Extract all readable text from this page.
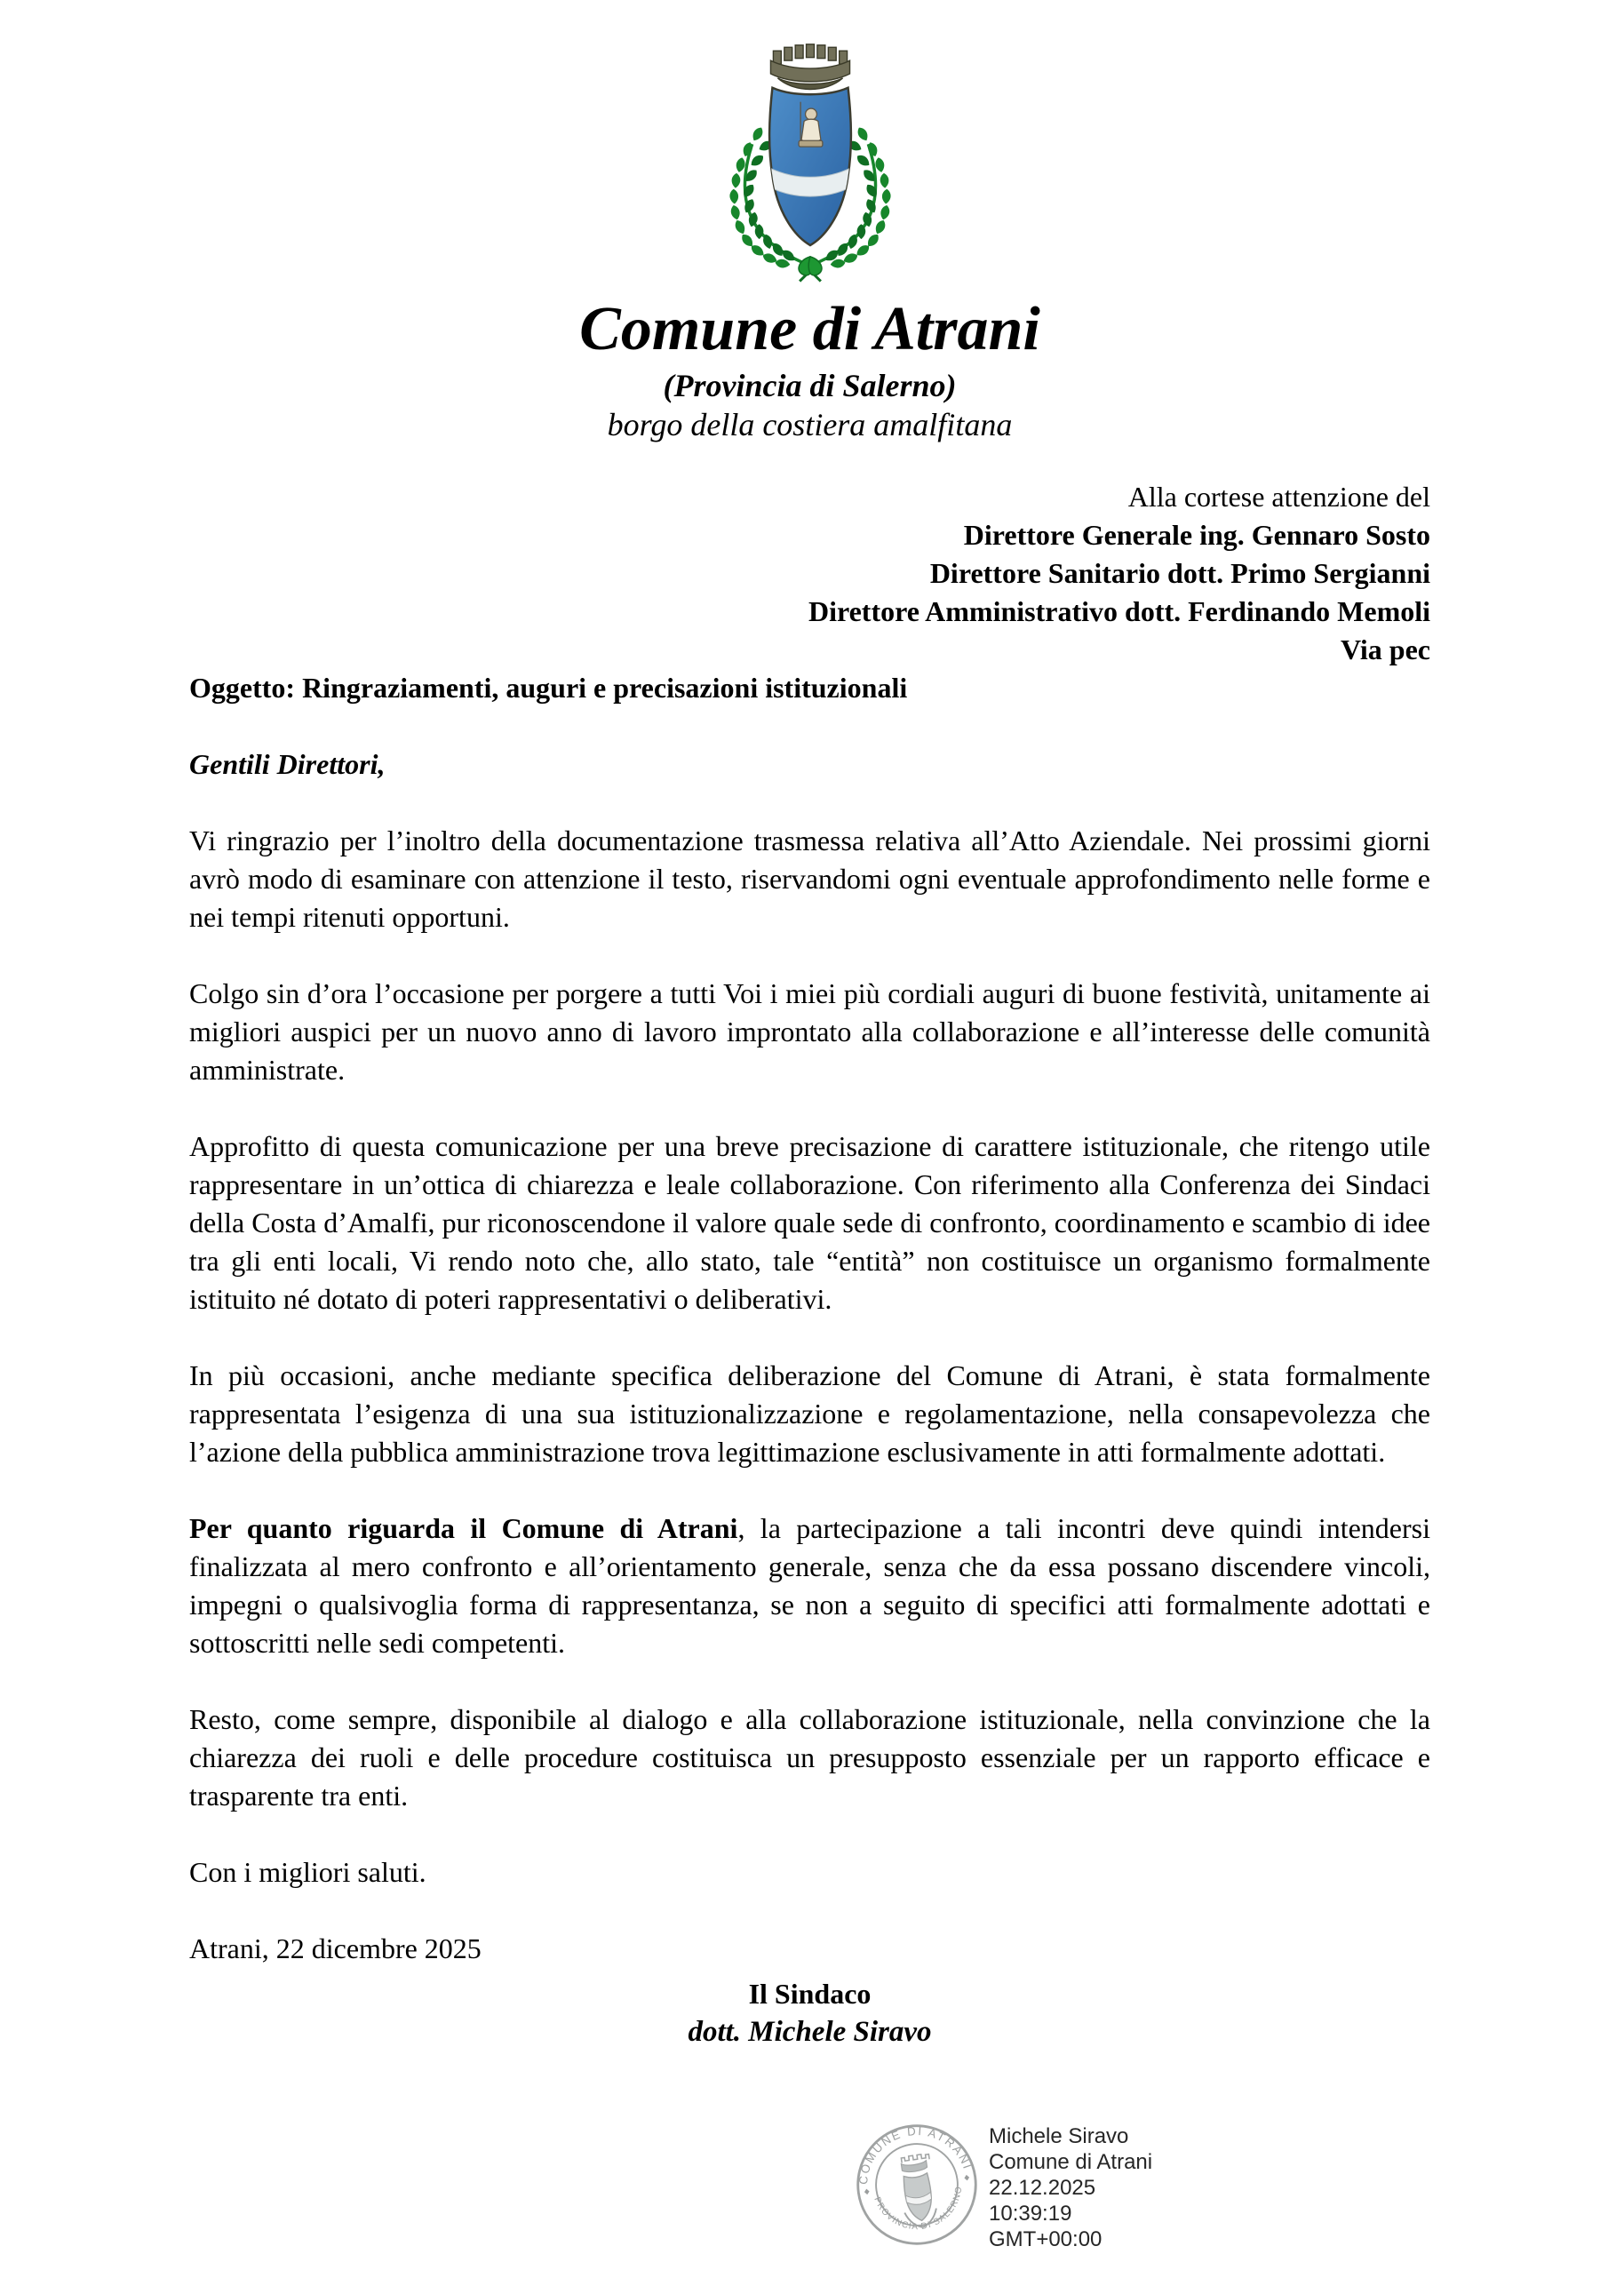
Comune di Atrani
(Provincia di Salerno)
borgo della costiera amalfitana
Alla cortese attenzione del
Direttore Generale ing. Gennaro Sosto
Direttore Sanitario dott. Primo Sergianni
Direttore Amministrativo dott. Ferdinando Memoli
Via pec
Oggetto: Ringraziamenti, auguri e precisazioni istituzionali
Gentili Direttori,

Vi ringrazio per l’inoltro della documentazione trasmessa relativa all’Atto Aziendale. Nei prossimi giorni avrò modo di esaminare con attenzione il testo, riservandomi ogni eventuale approfondimento nelle forme e nei tempi ritenuti opportuni.

Colgo sin d’ora l’occasione per porgere a tutti Voi i miei più cordiali auguri di buone festività, unitamente ai migliori auspici per un nuovo anno di lavoro improntato alla collaborazione e all’interesse delle comunità amministrate.

Approfitto di questa comunicazione per una breve precisazione di carattere istituzionale, che ritengo utile rappresentare in un’ottica di chiarezza e leale collaborazione. Con riferimento alla Conferenza dei Sindaci della Costa d’Amalfi, pur riconoscendone il valore quale sede di confronto, coordinamento e scambio di idee tra gli enti locali, Vi rendo noto che, allo stato, tale “entità” non costituisce un organismo formalmente istituito né dotato di poteri rappresentativi o deliberativi.

In più occasioni, anche mediante specifica deliberazione del Comune di Atrani, è stata formalmente rappresentata l’esigenza di una sua istituzionalizzazione e regolamentazione, nella consapevolezza che l’azione della pubblica amministrazione trova legittimazione esclusivamente in atti formalmente adottati.

Per quanto riguarda il Comune di Atrani, la partecipazione a tali incontri deve quindi intendersi finalizzata al mero confronto e all’orientamento generale, senza che da essa possano discendere vincoli, impegni o qualsivoglia forma di rappresentanza, se non a seguito di specifici atti formalmente adottati e sottoscritti nelle sedi competenti.

Resto, come sempre, disponibile al dialogo e alla collaborazione istituzionale, nella convinzione che la chiarezza dei ruoli e delle procedure costituisca un presupposto essenziale per un rapporto efficace e trasparente tra enti.

Con i migliori saluti.
Atrani, 22 dicembre 2025
Il Sindaco
dott. Michele Siravo
COMUNE DI ATRANI
PROVINCIA DI SALERNO
Michele Siravo
Comune di Atrani
22.12.2025
10:39:19
GMT+00:00
